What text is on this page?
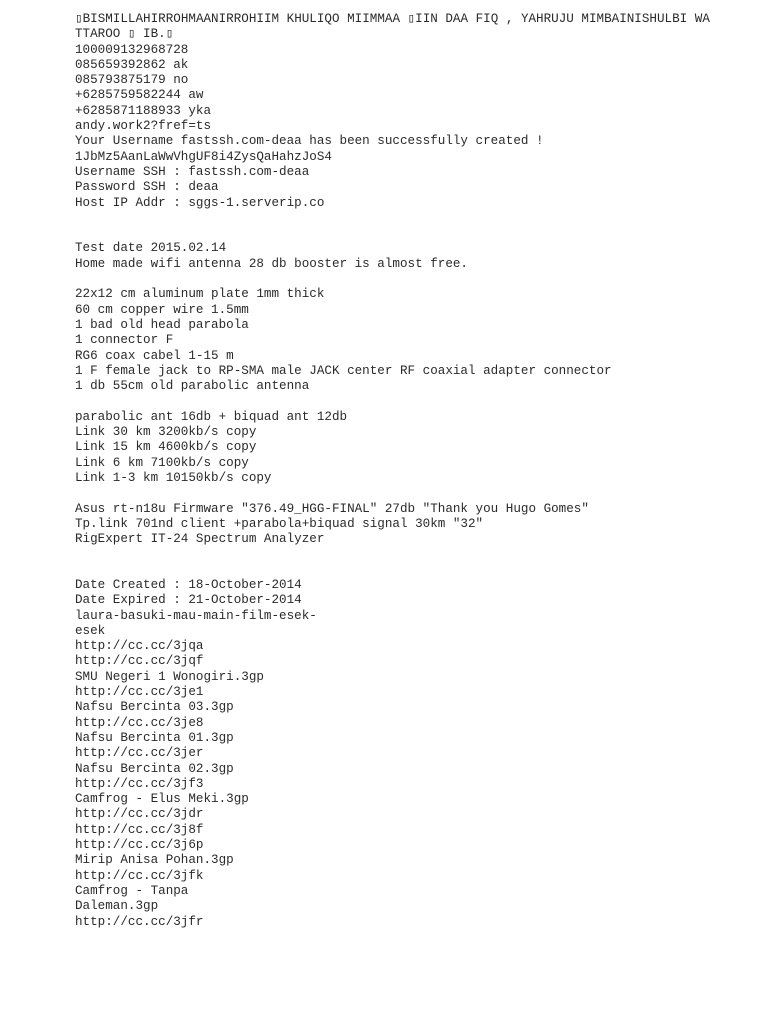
▯BISMILLAHIRROHMAANIRROHIIM KHULIQO MIIMMAA ▯IIN DAA FIQ , YAHRUJU MIMBAINISHULBI WA
TTAROO ▯ IB.▯
100009132968728
085659392862 ak
085793875179 no
+6285759582244 aw
+6285871188933 yka
andy.work2?fref=ts
Your Username fastssh.com-deaa has been successfully created !
1JbMz5AanLaWwVhgUF8i4ZysQaHahzJoS4
Username SSH : fastssh.com-deaa
Password SSH : deaa
Host IP Addr : sggs-1.serverip.co
Test date 2015.02.14
Home made wifi antenna 28 db booster is almost free.
22x12 cm aluminum plate 1mm thick
60 cm copper wire 1.5mm
1 bad old head parabola
1 connector F
RG6 coax cabel 1-15 m
1 F female jack to RP-SMA male JACK center RF coaxial adapter connector
1 db 55cm old parabolic antenna
parabolic ant 16db + biquad ant 12db
Link 30 km 3200kb/s copy
Link 15 km 4600kb/s copy
Link 6 km 7100kb/s copy
Link 1-3 km 10150kb/s copy
Asus rt-n18u Firmware "376.49_HGG-FINAL" 27db "Thank you Hugo Gomes"
Tp.link 701nd client +parabola+biquad signal 30km "32"
RigExpert IT-24 Spectrum Analyzer
Date Created : 18-October-2014
Date Expired : 21-October-2014
laura-basuki-mau-main-film-esek-
esek
http://cc.cc/3jqa
http://cc.cc/3jqf
SMU Negeri 1 Wonogiri.3gp
http://cc.cc/3je1
Nafsu Bercinta 03.3gp
http://cc.cc/3je8
Nafsu Bercinta 01.3gp
http://cc.cc/3jer
Nafsu Bercinta 02.3gp
http://cc.cc/3jf3
Camfrog - Elus Meki.3gp
http://cc.cc/3jdr
http://cc.cc/3j8f
http://cc.cc/3j6p
Mirip Anisa Pohan.3gp
http://cc.cc/3jfk
Camfrog - Tanpa
Daleman.3gp
http://cc.cc/3jfr
